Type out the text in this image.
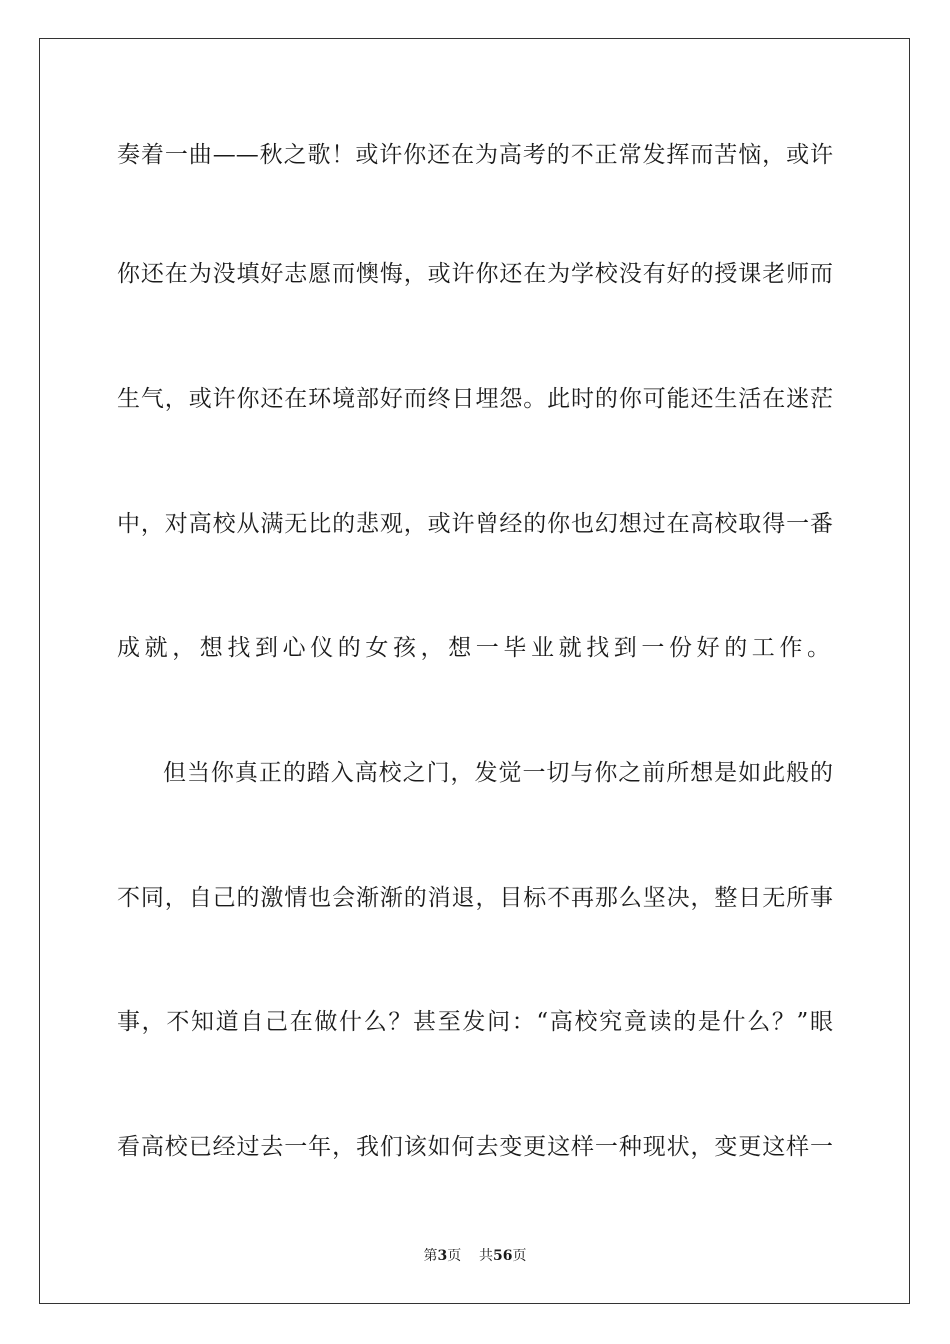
奏着一曲——秋之歌！或许你还在为高考的不正常发挥而苦恼，或许
你还在为没填好志愿而懊悔，或许你还在为学校没有好的授课老师而
生气，或许你还在环境部好而终日埋怨。此时的你可能还生活在迷茫
中，对高校从满无比的悲观，或许曾经的你也幻想过在高校取得一番
成就，想找到心仪的女孩，想一毕业就找到一份好的工作。
但当你真正的踏入高校之门，发觉一切与你之前所想是如此般的
不同，自己的激情也会渐渐的消退，目标不再那么坚决，整日无所事
事，不知道自己在做什么？甚至发问：“高校究竟读的是什么？”眼
看高校已经过去一年，我们该如何去变更这样一种现状，变更这样一
第3页 共56页
